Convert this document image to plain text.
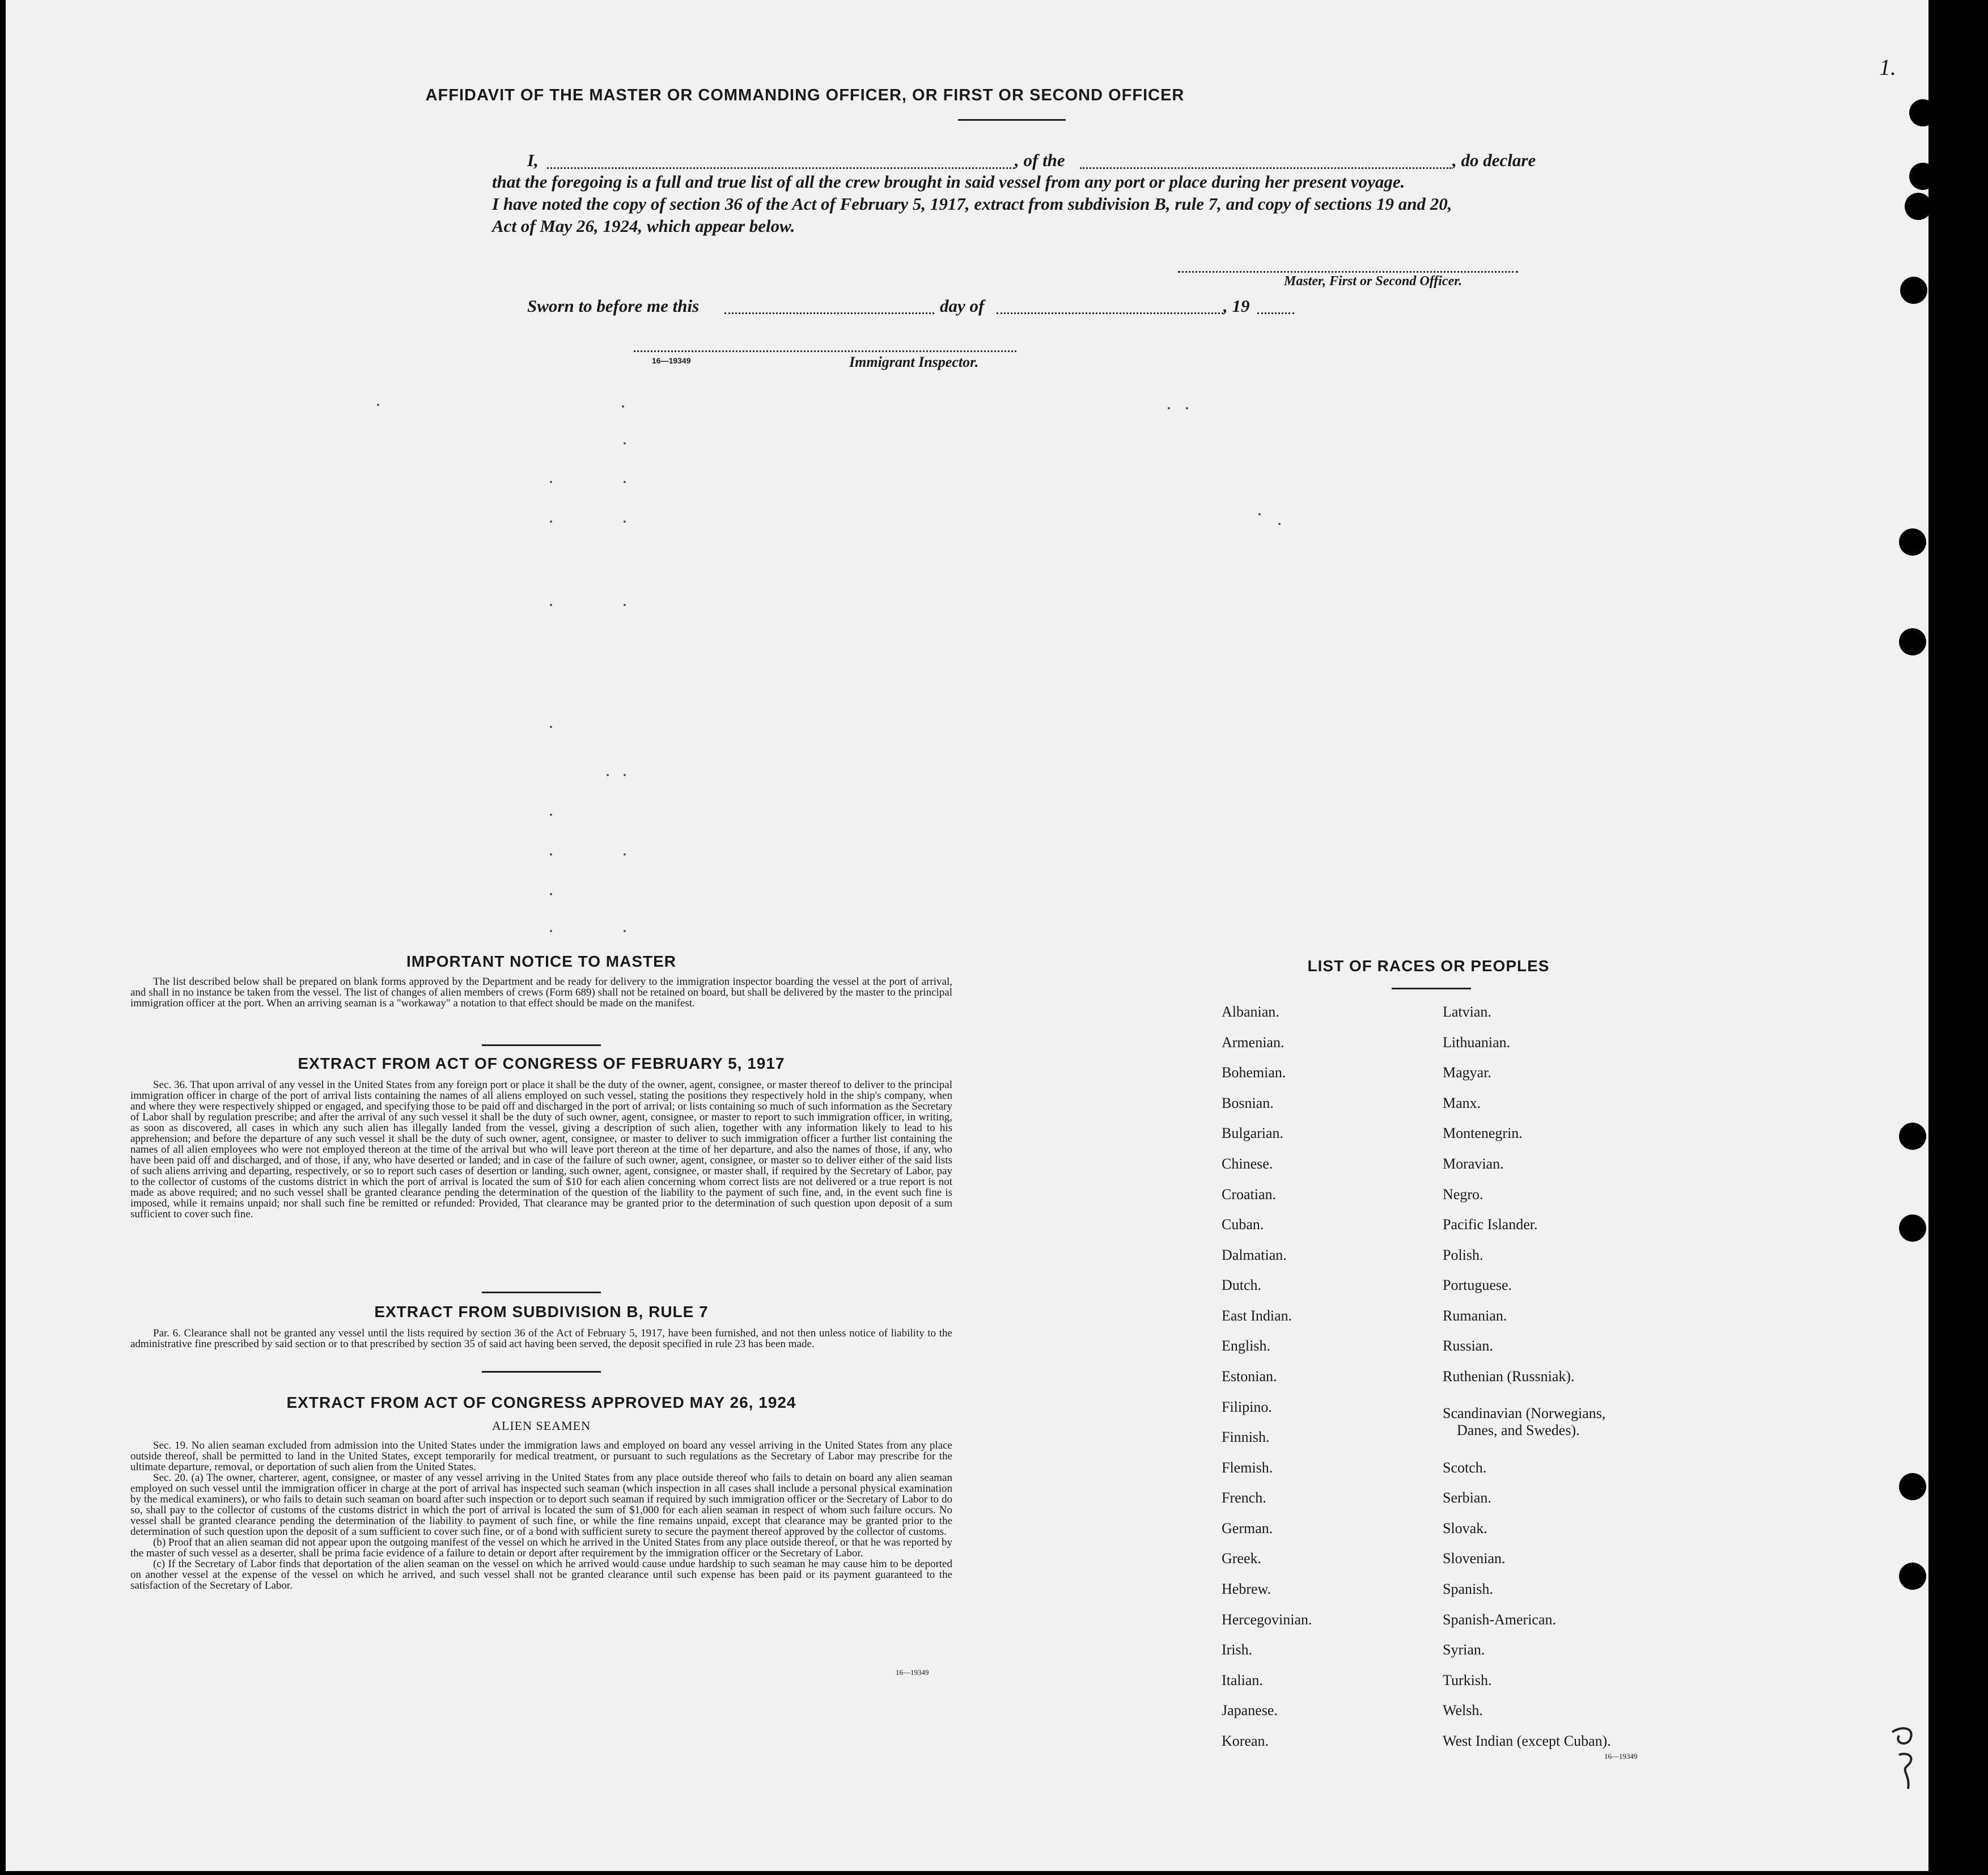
1.
AFFIDAVIT OF THE MASTER OR COMMANDING OFFICER, OR FIRST OR SECOND OFFICER
I,	, of the	, do declare
that the foregoing is a full and true list of all the crew brought in said vessel from any port or place during her present voyage.
I have noted the copy of section 36 of the Act of February 5, 1917, extract from subdivision B, rule 7, and copy of sections 19 and 20,
Act of May 26, 1924, which appear below.
Master, First or Second Officer.
Sworn to before me this	day of	, 19
16—19349	Immigrant Inspector.
IMPORTANT NOTICE TO MASTER

The list described below shall be prepared on blank forms approved by the Department and be ready for delivery to the immigration inspector boarding the vessel at the port of arrival, and shall in no instance be taken from the vessel. The list of changes of alien members of crews (Form 689) shall not be retained on board, but shall be delivered by the master to the principal immigration officer at the port. When an arriving seaman is a "workaway" a notation to that effect should be made on the manifest.

EXTRACT FROM ACT OF CONGRESS OF FEBRUARY 5, 1917

Sec. 36. That upon arrival of any vessel in the United States from any foreign port or place it shall be the duty of the owner, agent, consignee, or master thereof to deliver to the principal immigration officer in charge of the port of arrival lists containing the names of all aliens employed on such vessel, stating the positions they respectively hold in the ship's company, when and where they were respectively shipped or engaged, and specifying those to be paid off and discharged in the port of arrival; or lists containing so much of such information as the Secretary of Labor shall by regulation prescribe; and after the arrival of any such vessel it shall be the duty of such owner, agent, consignee, or master to report to such immigration officer, in writing, as soon as discovered, all cases in which any such alien has illegally landed from the vessel, giving a description of such alien, together with any information likely to lead to his apprehension; and before the departure of any such vessel it shall be the duty of such owner, agent, consignee, or master to deliver to such immigration officer a further list containing the names of all alien employees who were not employed thereon at the time of the arrival but who will leave port thereon at the time of her departure, and also the names of those, if any, who have been paid off and discharged, and of those, if any, who have deserted or landed; and in case of the failure of such owner, agent, consignee, or master so to deliver either of the said lists of such aliens arriving and departing, respectively, or so to report such cases of desertion or landing, such owner, agent, consignee, or master shall, if required by the Secretary of Labor, pay to the collector of customs of the customs district in which the port of arrival is located the sum of $10 for each alien concerning whom correct lists are not delivered or a true report is not made as above required; and no such vessel shall be granted clearance pending the determination of the question of the liability to the payment of such fine, and, in the event such fine is imposed, while it remains unpaid; nor shall such fine be remitted or refunded: Provided, That clearance may be granted prior to the determination of such question upon deposit of a sum sufficient to cover such fine.

EXTRACT FROM SUBDIVISION B, RULE 7

Par. 6. Clearance shall not be granted any vessel until the lists required by section 36 of the Act of February 5, 1917, have been furnished, and not then unless notice of liability to the administrative fine prescribed by said section or to that prescribed by section 35 of said act having been served, the deposit specified in rule 23 has been made.

EXTRACT FROM ACT OF CONGRESS APPROVED MAY 26, 1924
ALIEN SEAMEN

Sec. 19. No alien seaman excluded from admission into the United States under the immigration laws and employed on board any vessel arriving in the United States from any place outside thereof, shall be permitted to land in the United States, except temporarily for medical treatment, or pursuant to such regulations as the Secretary of Labor may prescribe for the ultimate departure, removal, or deportation of such alien from the United States.

Sec. 20. (a) The owner, charterer, agent, consignee, or master of any vessel arriving in the United States from any place outside thereof who fails to detain on board any alien seaman employed on such vessel until the immigration officer in charge at the port of arrival has inspected such seaman (which inspection in all cases shall include a personal physical examination by the medical examiners), or who fails to detain such seaman on board after such inspection or to deport such seaman if required by such immigration officer or the Secretary of Labor to do so, shall pay to the collector of customs of the customs district in which the port of arrival is located the sum of $1,000 for each alien seaman in respect of whom such failure occurs. No vessel shall be granted clearance pending the determination of the liability to payment of such fine, or while the fine remains unpaid, except that clearance may be granted prior to the determination of such question upon the deposit of a sum sufficient to cover such fine, or of a bond with sufficient surety to secure the payment thereof approved by the collector of customs.

(b) Proof that an alien seaman did not appear upon the outgoing manifest of the vessel on which he arrived in the United States from any place outside thereof, or that he was reported by the master of such vessel as a deserter, shall be prima facie evidence of a failure to detain or deport after requirement by the immigration officer or the Secretary of Labor.

(c) If the Secretary of Labor finds that deportation of the alien seaman on the vessel on which he arrived would cause undue hardship to such seaman he may cause him to be deported on another vessel at the expense of the vessel on which he arrived, and such vessel shall not be granted clearance until such expense has been paid or its payment guaranteed to the satisfaction of the Secretary of Labor.

16—19349
LIST OF RACES OR PEOPLES
Albanian.
Armenian.
Bohemian.
Bosnian.
Bulgarian.
Chinese.
Croatian.
Cuban.
Dalmatian.
Dutch.
East Indian.
English.
Estonian.
Filipino.
Finnish.
Flemish.
French.
German.
Greek.
Hebrew.
Hercegovinian.
Irish.
Italian.
Japanese.
Korean.
Latvian.
Lithuanian.
Magyar.
Manx.
Montenegrin.
Moravian.
Negro.
Pacific Islander.
Polish.
Portuguese.
Rumanian.
Russian.
Ruthenian (Russniak).
Scandinavian (Norwegians,
Danes, and Swedes).
Scotch.
Serbian.
Slovak.
Slovenian.
Spanish.
Spanish-American.
Syrian.
Turkish.
Welsh.
West Indian (except Cuban).
16—19349
